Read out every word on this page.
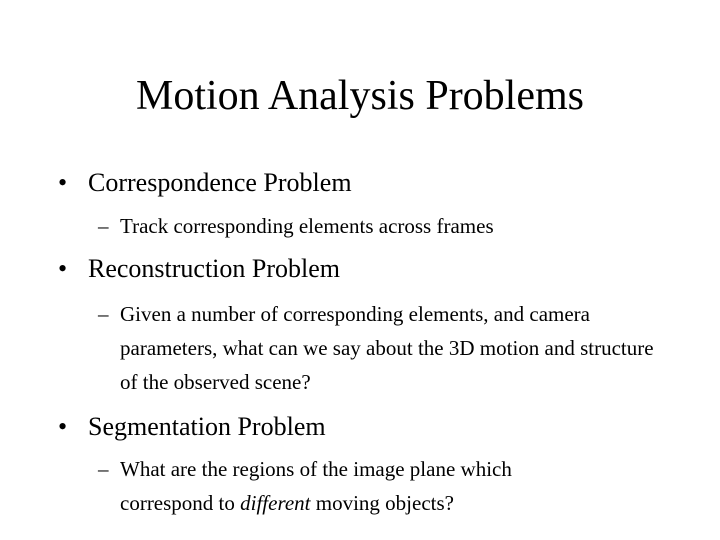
Motion Analysis Problems
• Correspondence Problem
– Track corresponding elements across frames
• Reconstruction Problem
– Given a number of corresponding elements, and camera parameters, what can we say about the 3D motion and structure of the observed scene?
• Segmentation Problem
– What are the regions of the image plane which correspond to different moving objects?
